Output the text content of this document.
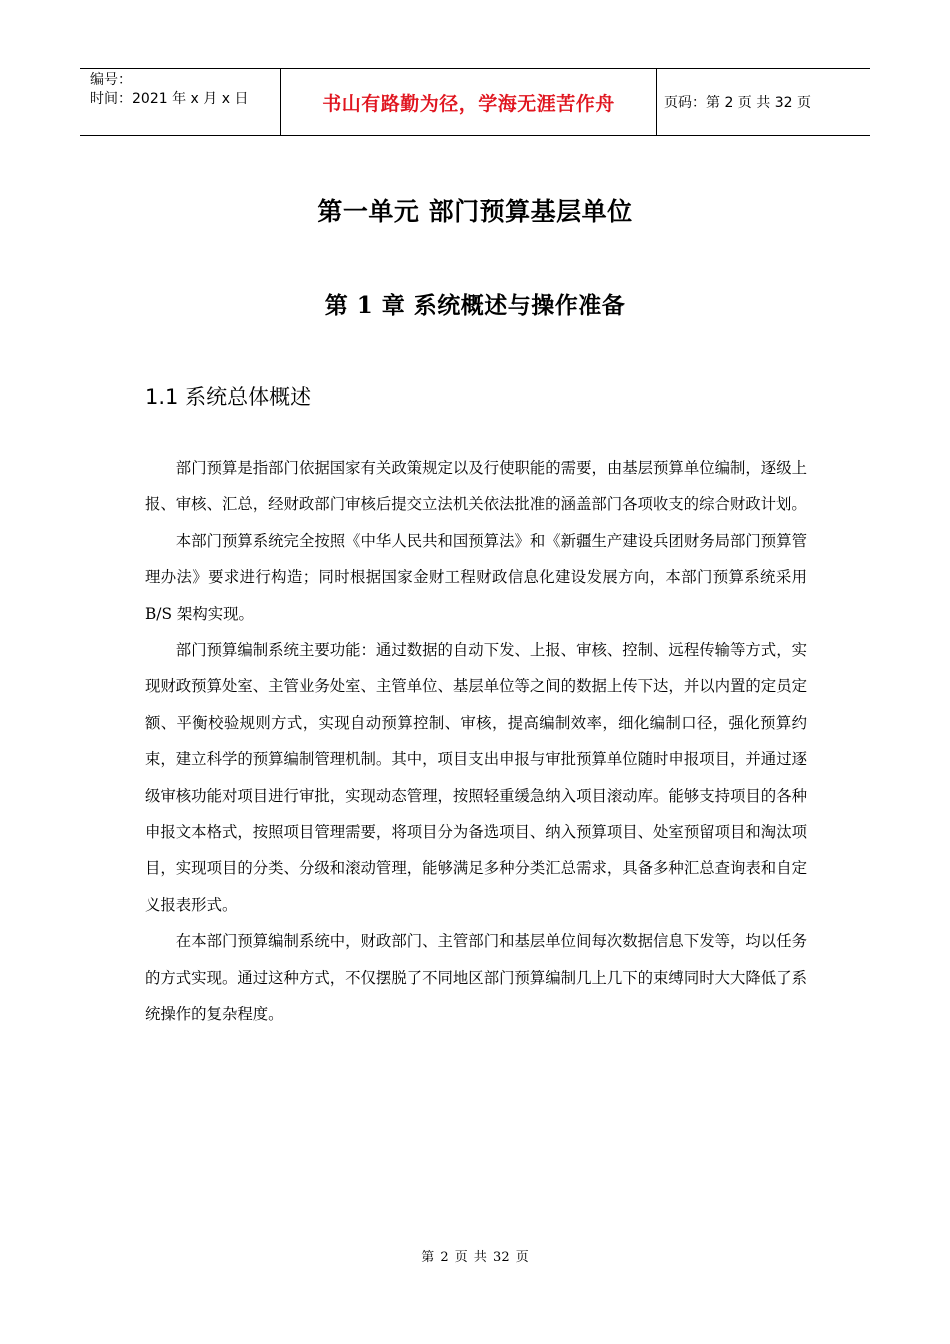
编号：
时间：2021 年 x 月 x 日	书山有路勤为径，学海无涯苦作舟	页码：第 2 页 共 32 页
第一单元 部门预算基层单位
第 1 章 系统概述与操作准备
1.1 系统总体概述

部门预算是指部门依据国家有关政策规定以及行使职能的需要，由基层预算单位编制，逐级上报、审核、汇总，经财政部门审核后提交立法机关依法批准的涵盖部门各项收支的综合财政计划。

本部门预算系统完全按照《中华人民共和国预算法》和《新疆生产建设兵团财务局部门预算管理办法》要求进行构造；同时根据国家金财工程财政信息化建设发展方向，本部门预算系统采用 B/S 架构实现。

部门预算编制系统主要功能：通过数据的自动下发、上报、审核、控制、远程传输等方式，实现财政预算处室、主管业务处室、主管单位、基层单位等之间的数据上传下达，并以内置的定员定额、平衡校验规则方式，实现自动预算控制、审核，提高编制效率，细化编制口径，强化预算约束，建立科学的预算编制管理机制。其中，项目支出申报与审批预算单位随时申报项目，并通过逐级审核功能对项目进行审批，实现动态管理，按照轻重缓急纳入项目滚动库。能够支持项目的各种申报文本格式，按照项目管理需要，将项目分为备选项目、纳入预算项目、处室预留项目和淘汰项目，实现项目的分类、分级和滚动管理，能够满足多种分类汇总需求，具备多种汇总查询表和自定义报表形式。

在本部门预算编制系统中，财政部门、主管部门和基层单位间每次数据信息下发等，均以任务的方式实现。通过这种方式，不仅摆脱了不同地区部门预算编制几上几下的束缚同时大大降低了系统操作的复杂程度。

第 2 页 共 32 页
